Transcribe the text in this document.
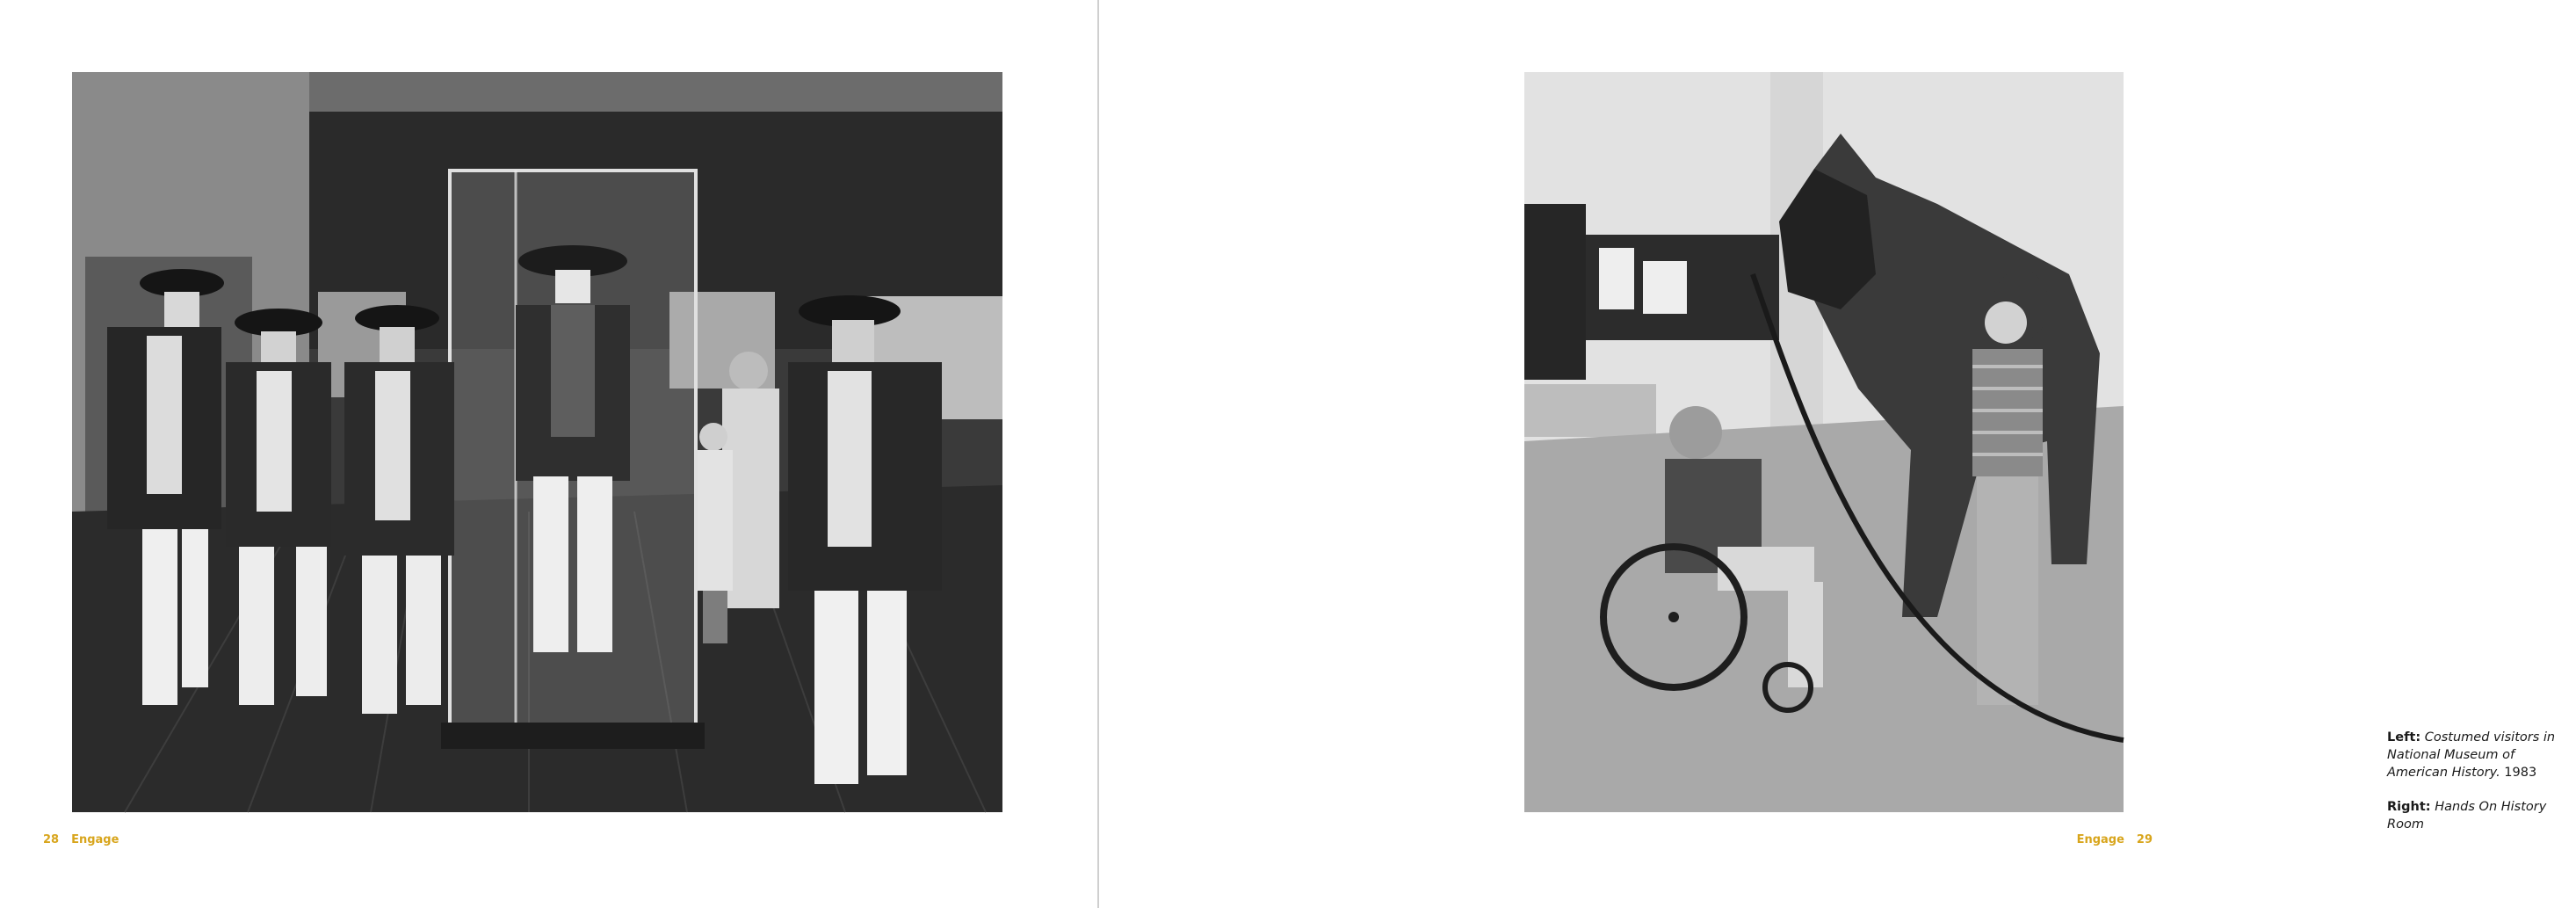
28 Engage

Left: Costumed visitors in National Museum of American History. 1983

Right: Hands On History Room

Engage 29
